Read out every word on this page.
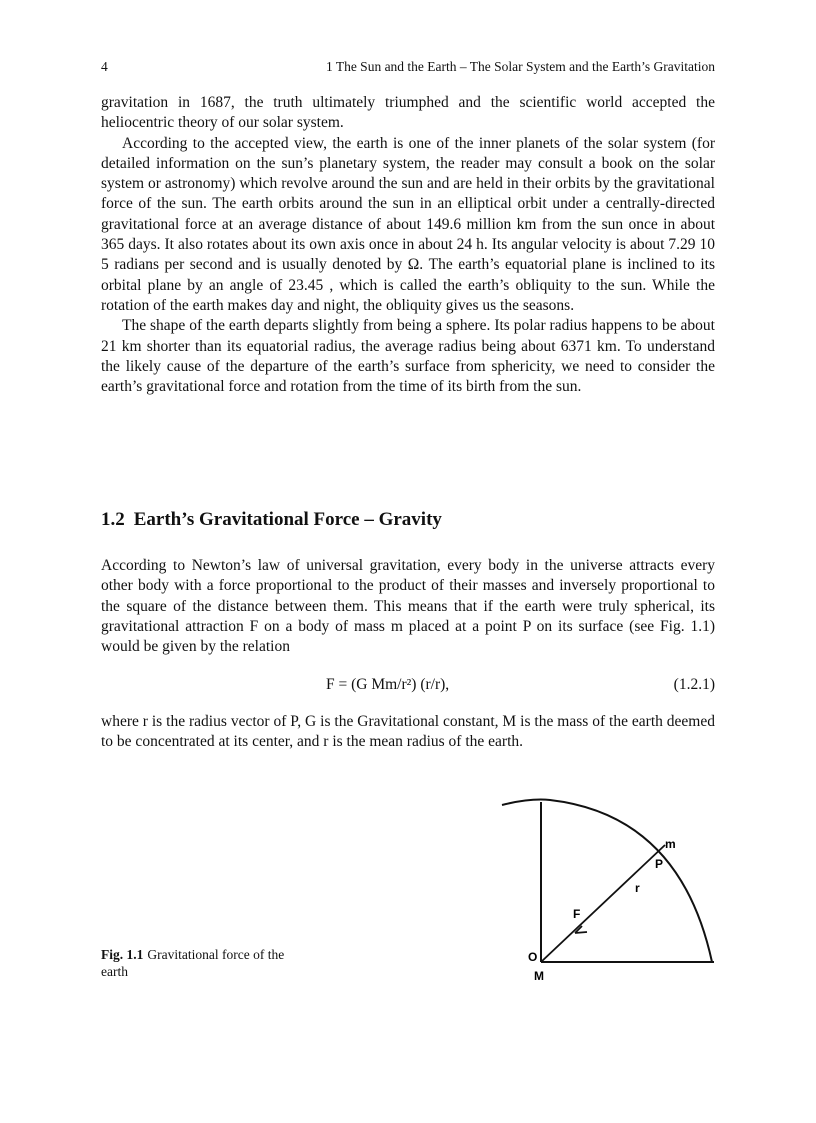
4	1 The Sun and the Earth – The Solar System and the Earth’s Gravitation

gravitation in 1687, the truth ultimately triumphed and the scientific world accepted the heliocentric theory of our solar system.

According to the accepted view, the earth is one of the inner planets of the solar system (for detailed information on the sun’s planetary system, the reader may consult a book on the solar system or astronomy) which revolve around the sun and are held in their orbits by the gravitational force of the sun. The earth orbits around the sun in an elliptical orbit under a centrally-directed gravitational force at an average distance of about 149.6 million km from the sun once in about 365 days. It also rotates about its own axis once in about 24 h. Its angular velocity is about 7.29 10 5 radians per second and is usually denoted by Ω. The earth’s equatorial plane is inclined to its orbital plane by an angle of 23.45 , which is called the earth’s obliquity to the sun. While the rotation of the earth makes day and night, the obliquity gives us the seasons.

The shape of the earth departs slightly from being a sphere. Its polar radius happens to be about 21 km shorter than its equatorial radius, the average radius being about 6371 km. To understand the likely cause of the departure of the earth’s surface from sphericity, we need to consider the earth’s gravitational force and rotation from the time of its birth from the sun.

1.2 Earth’s Gravitational Force – Gravity

According to Newton’s law of universal gravitation, every body in the universe attracts every other body with a force proportional to the product of their masses and inversely proportional to the square of the distance between them. This means that if the earth were truly spherical, its gravitational attraction F on a body of mass m placed at a point P on its surface (see Fig. 1.1) would be given by the relation

F = (G Mm/r²) (r/r),	(1.2.1)

where r is the radius vector of P, G is the Gravitational constant, M is the mass of the earth deemed to be concentrated at its center, and r is the mean radius of the earth.

Fig. 1.1 Gravitational force of the earth
m
P
r
F
O
M
